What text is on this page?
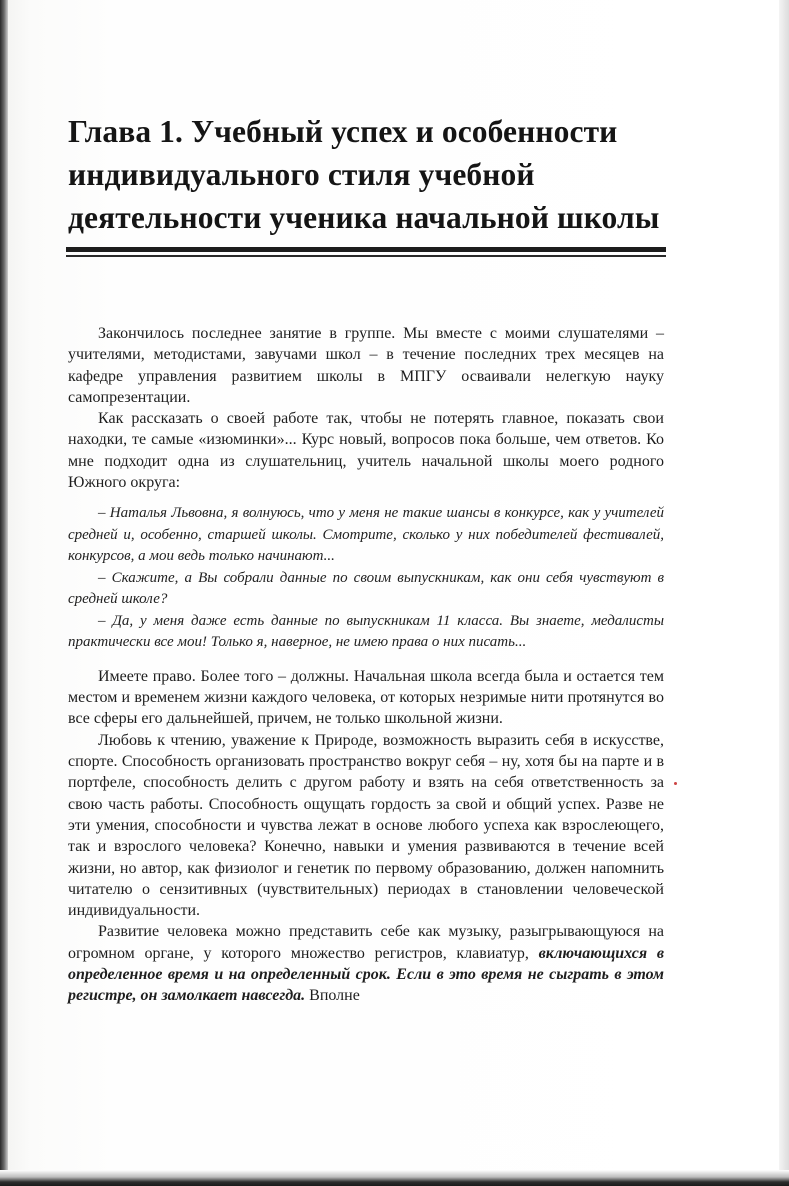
Глава 1. Учебный успех и особенности
индивидуального стиля учебной
деятельности ученика начальной школы

Закончилось последнее занятие в группе. Мы вместе с моими слушателями – учителями, методистами, завучами школ – в течение последних трех месяцев на кафедре управления развитием школы в МПГУ осваивали нелегкую науку самопрезентации.

Как рассказать о своей работе так, чтобы не потерять главное, показать свои находки, те самые «изюминки»... Курс новый, вопросов пока больше, чем ответов. Ко мне подходит одна из слушательниц, учитель начальной школы моего родного Южного округа:

– Наталья Львовна, я волнуюсь, что у меня не такие шансы в конкурсе, как у учителей средней и, особенно, старшей школы. Смотрите, сколько у них победителей фестивалей, конкурсов, а мои ведь только начинают...

– Скажите, а Вы собрали данные по своим выпускникам, как они себя чувствуют в средней школе?

– Да, у меня даже есть данные по выпускникам 11 класса. Вы знаете, медалисты практически все мои! Только я, наверное, не имею права о них писать...

Имеете право. Более того – должны. Начальная школа всегда была и остается тем местом и временем жизни каждого человека, от которых незримые нити протянутся во все сферы его дальнейшей, причем, не только школьной жизни.

Любовь к чтению, уважение к Природе, возможность выразить себя в искусстве, спорте. Способность организовать пространство вокруг себя – ну, хотя бы на парте и в портфеле, способность делить с другом работу и взять на себя ответственность за свою часть работы. Способность ощущать гордость за свой и общий успех. Разве не эти умения, способности и чувства лежат в основе любого успеха как взрослеющего, так и взрослого человека? Конечно, навыки и умения развиваются в течение всей жизни, но автор, как физиолог и генетик по первому образованию, должен напомнить читателю о сензитивных (чувствительных) периодах в становлении человеческой индивидуальности.

Развитие человека можно представить себе как музыку, разыгрывающуюся на огромном органе, у которого множество регистров, клавиатур, включающихся в определенное время и на определенный срок. Если в это время не сыграть в этом регистре, он замолкает навсегда. Вполне
